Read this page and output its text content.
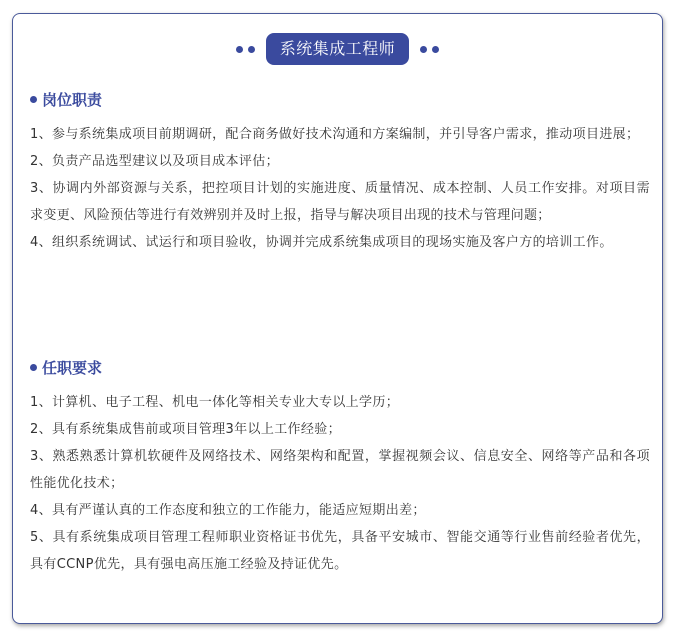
系统集成工程师
岗位职责

1、参与系统集成项目前期调研，配合商务做好技术沟通和方案编制，并引导客户需求，推动项目进展；

2、负责产品选型建议以及项目成本评估；

3、协调内外部资源与关系，把控项目计划的实施进度、质量情况、成本控制、人员工作安排。对项目需求变更、风险预估等进行有效辨别并及时上报，指导与解决项目出现的技术与管理问题；

4、组织系统调试、试运行和项目验收，协调并完成系统集成项目的现场实施及客户方的培训工作。

任职要求

1、计算机、电子工程、机电一体化等相关专业大专以上学历；

2、具有系统集成售前或项目管理3年以上工作经验；

3、熟悉熟悉计算机软硬件及网络技术、网络架构和配置，掌握视频会议、信息安全、网络等产品和各项性能优化技术；

4、具有严谨认真的工作态度和独立的工作能力，能适应短期出差；

5、具有系统集成项目管理工程师职业资格证书优先，具备平安城市、智能交通等行业售前经验者优先，具有CCNP优先，具有强电高压施工经验及持证优先。
